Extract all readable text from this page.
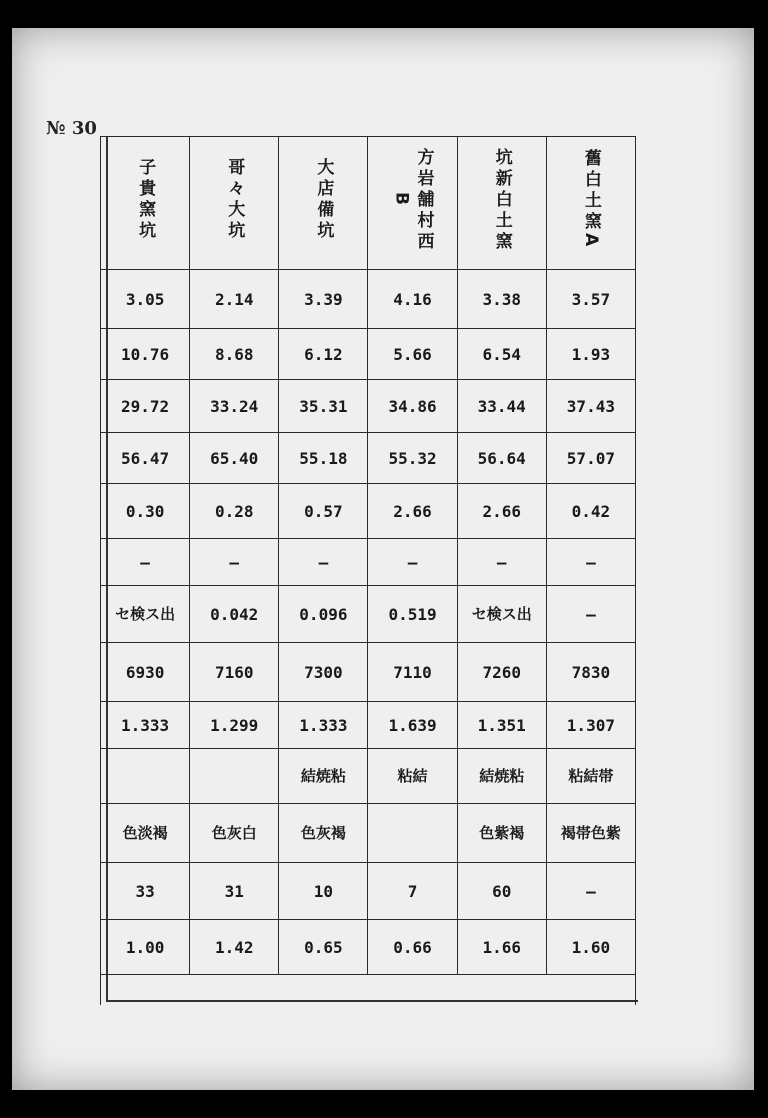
№ 30
子貴窯坑	哥々大坑	大店備坑	方岩舗村西B	坑新白土窯	舊白土窯A
3.05	2.14	3.39	4.16	3.38	3.57
10.76	8.68	6.12	5.66	6.54	1.93
29.72	33.24	35.31	34.86	33.44	37.43
56.47	65.40	55.18	55.32	56.64	57.07
0.30	0.28	0.57	2.66	2.66	0.42
—	—	—	—	—	—
セ検ス出	0.042	0.096	0.519	セ検ス出	—
6930	7160	7300	7110	7260	7830
1.333	1.299	1.333	1.639	1.351	1.307
		結焼粘	粘結	結焼粘	粘結帯
色淡褐	色灰白	色灰褐		色紫褐	褐帯色紫
33	31	10	7	60	—
1.00	1.42	0.65	0.66	1.66	1.60
